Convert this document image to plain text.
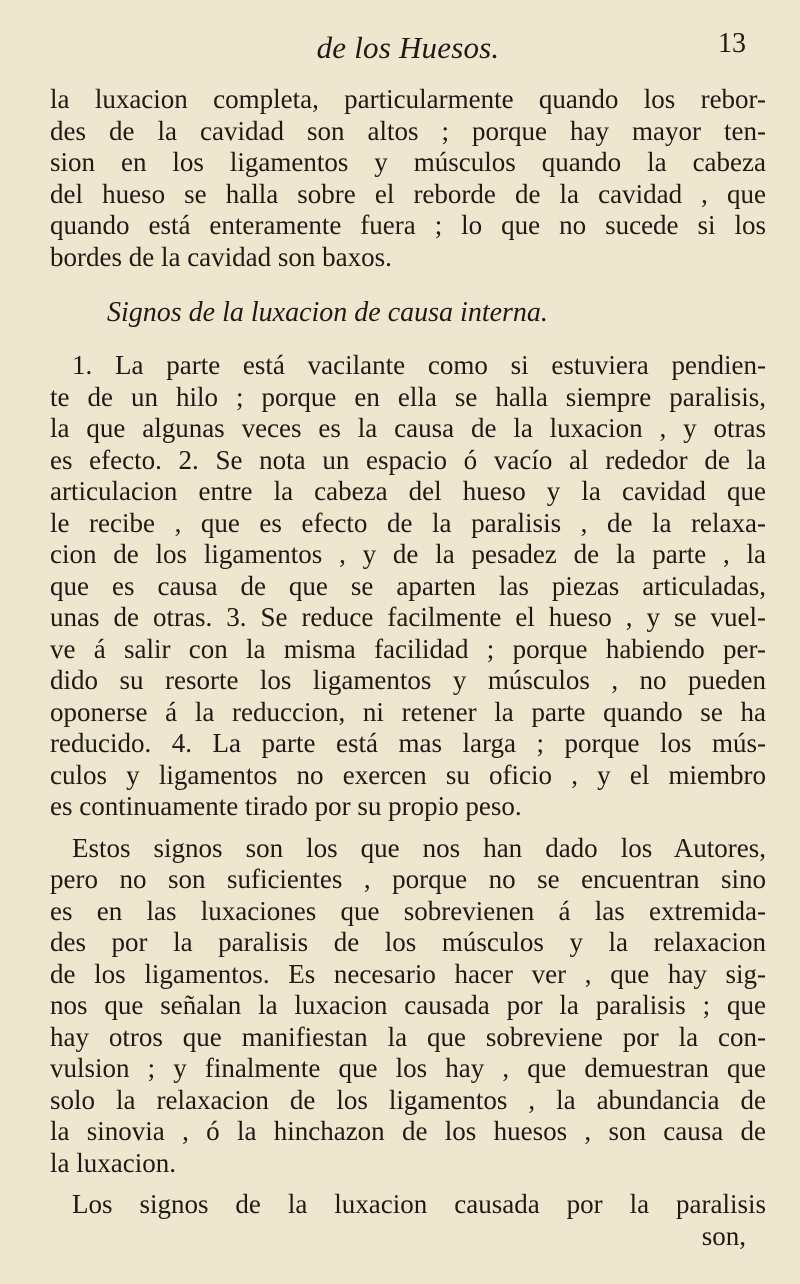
de los Huesos.	13
la luxacion completa, particularmente quando los rebor-
des de la cavidad son altos ; porque hay mayor ten-
sion en los ligamentos y músculos quando la cabeza
del hueso se halla sobre el reborde de la cavidad , que
quando está enteramente fuera ; lo que no sucede si los
bordes de la cavidad son baxos.
Signos de la luxacion de causa interna.
1. La parte está vacilante como si estuviera pendien-
te de un hilo ; porque en ella se halla siempre paralisis,
la que algunas veces es la causa de la luxacion , y otras
es efecto. 2. Se nota un espacio ó vacío al rededor de la
articulacion entre la cabeza del hueso y la cavidad que
le recibe , que es efecto de la paralisis , de la relaxa-
cion de los ligamentos , y de la pesadez de la parte , la
que es causa de que se aparten las piezas articuladas,
unas de otras. 3. Se reduce facilmente el hueso , y se vuel-
ve á salir con la misma facilidad ; porque habiendo per-
dido su resorte los ligamentos y músculos , no pueden
oponerse á la reduccion, ni retener la parte quando se ha
reducido. 4. La parte está mas larga ; porque los mús-
culos y ligamentos no exercen su oficio , y el miembro
es continuamente tirado por su propio peso.
Estos signos son los que nos han dado los Autores,
pero no son suficientes , porque no se encuentran sino
es en las luxaciones que sobrevienen á las extremida-
des por la paralisis de los músculos y la relaxacion
de los ligamentos. Es necesario hacer ver , que hay sig-
nos que señalan la luxacion causada por la paralisis ; que
hay otros que manifiestan la que sobreviene por la con-
vulsion ; y finalmente que los hay , que demuestran que
solo la relaxacion de los ligamentos , la abundancia de
la sinovia , ó la hinchazon de los huesos , son causa de
la luxacion.
Los signos de la luxacion causada por la paralisis
son,
